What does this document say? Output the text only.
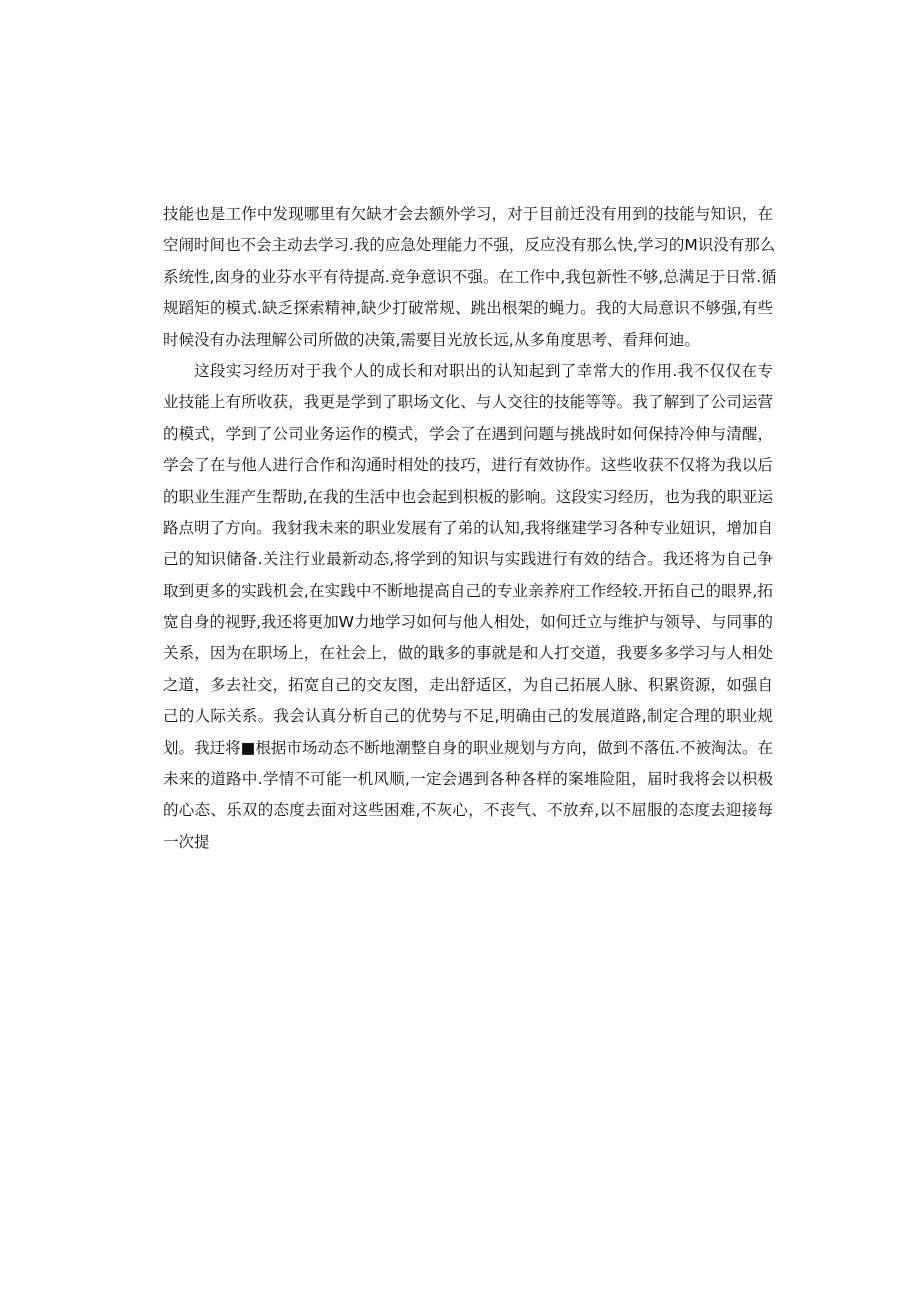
技能也是工作中发现哪里有欠缺才会去额外学习，对于目前迁没有用到的技能与知识，在
空闹时间也不会主动去学习.我的应急处理能力不强，反应没有那么快,学习的M识没有那么
系统性,囱身的业芬水平有待提高.竞争意识不强。在工作中,我包新性不够,总满足于日常.循
规蹈矩的模式.缺乏探索精神,缺少打破常规、跳出根架的蝇力。我的大局意识不够强,有些
时候没有办法理解公司所做的决策,需要目光放长远,从多角度思考、看拜何迪。
这段实习经历对于我个人的成长和对职出的认知起到了幸常大的作用.我不仅仅在专
业技能上有所收获，我更是学到了职场文化、与人交往的技能等等。我了解到了公司运营
的模式，学到了公司业务运作的模式，学会了在遇到问题与挑战时如何保持冷伸与清醒，
学会了在与他人进行合作和沟通时相处的技巧，进行有效协作。这些收获不仅将为我以后
的职业生涯产生帮助,在我的生活中也会起到枳板的影响。这段实习经历，也为我的职亚运
路点明了方向。我豺我未来的职业发展有了弟的认知,我将继建学习各种专业妞识，增加自
己的知识储备.关注行业最新动态,将学到的知识与实践进行有效的结合。我还将为自己争
取到更多的实践机会,在实践中不断地提高自己的专业亲养府工作经较.开拓自己的眼界,拓
宽自身的视野,我还将更加W力地学习如何与他人相处，如何迁立与维护与领导、与同事的
关系，因为在职场上，在社会上，做的戢多的事就是和人打交道，我要多多学习与人相处
之道，多去社交，拓宽自己的交友图，走出舒适区，为自己拓展人脉、积累资源，如强自
己的人际关系。我会认真分析自己的优势与不足,明确由己的发展道路,制定合理的职业规
划。我迂将■根据市场动态不断地潮整自身的职业规划与方向，做到不落伍.不被淘汰。在
未来的道路中.学情不可能一机风顺,一定会遇到各种各样的案堆险阻，届时我将会以枳极
的心态、乐双的态度去面对这些困难,不灰心，不丧气、不放弃,以不屈服的态度去迎接每
一次提
